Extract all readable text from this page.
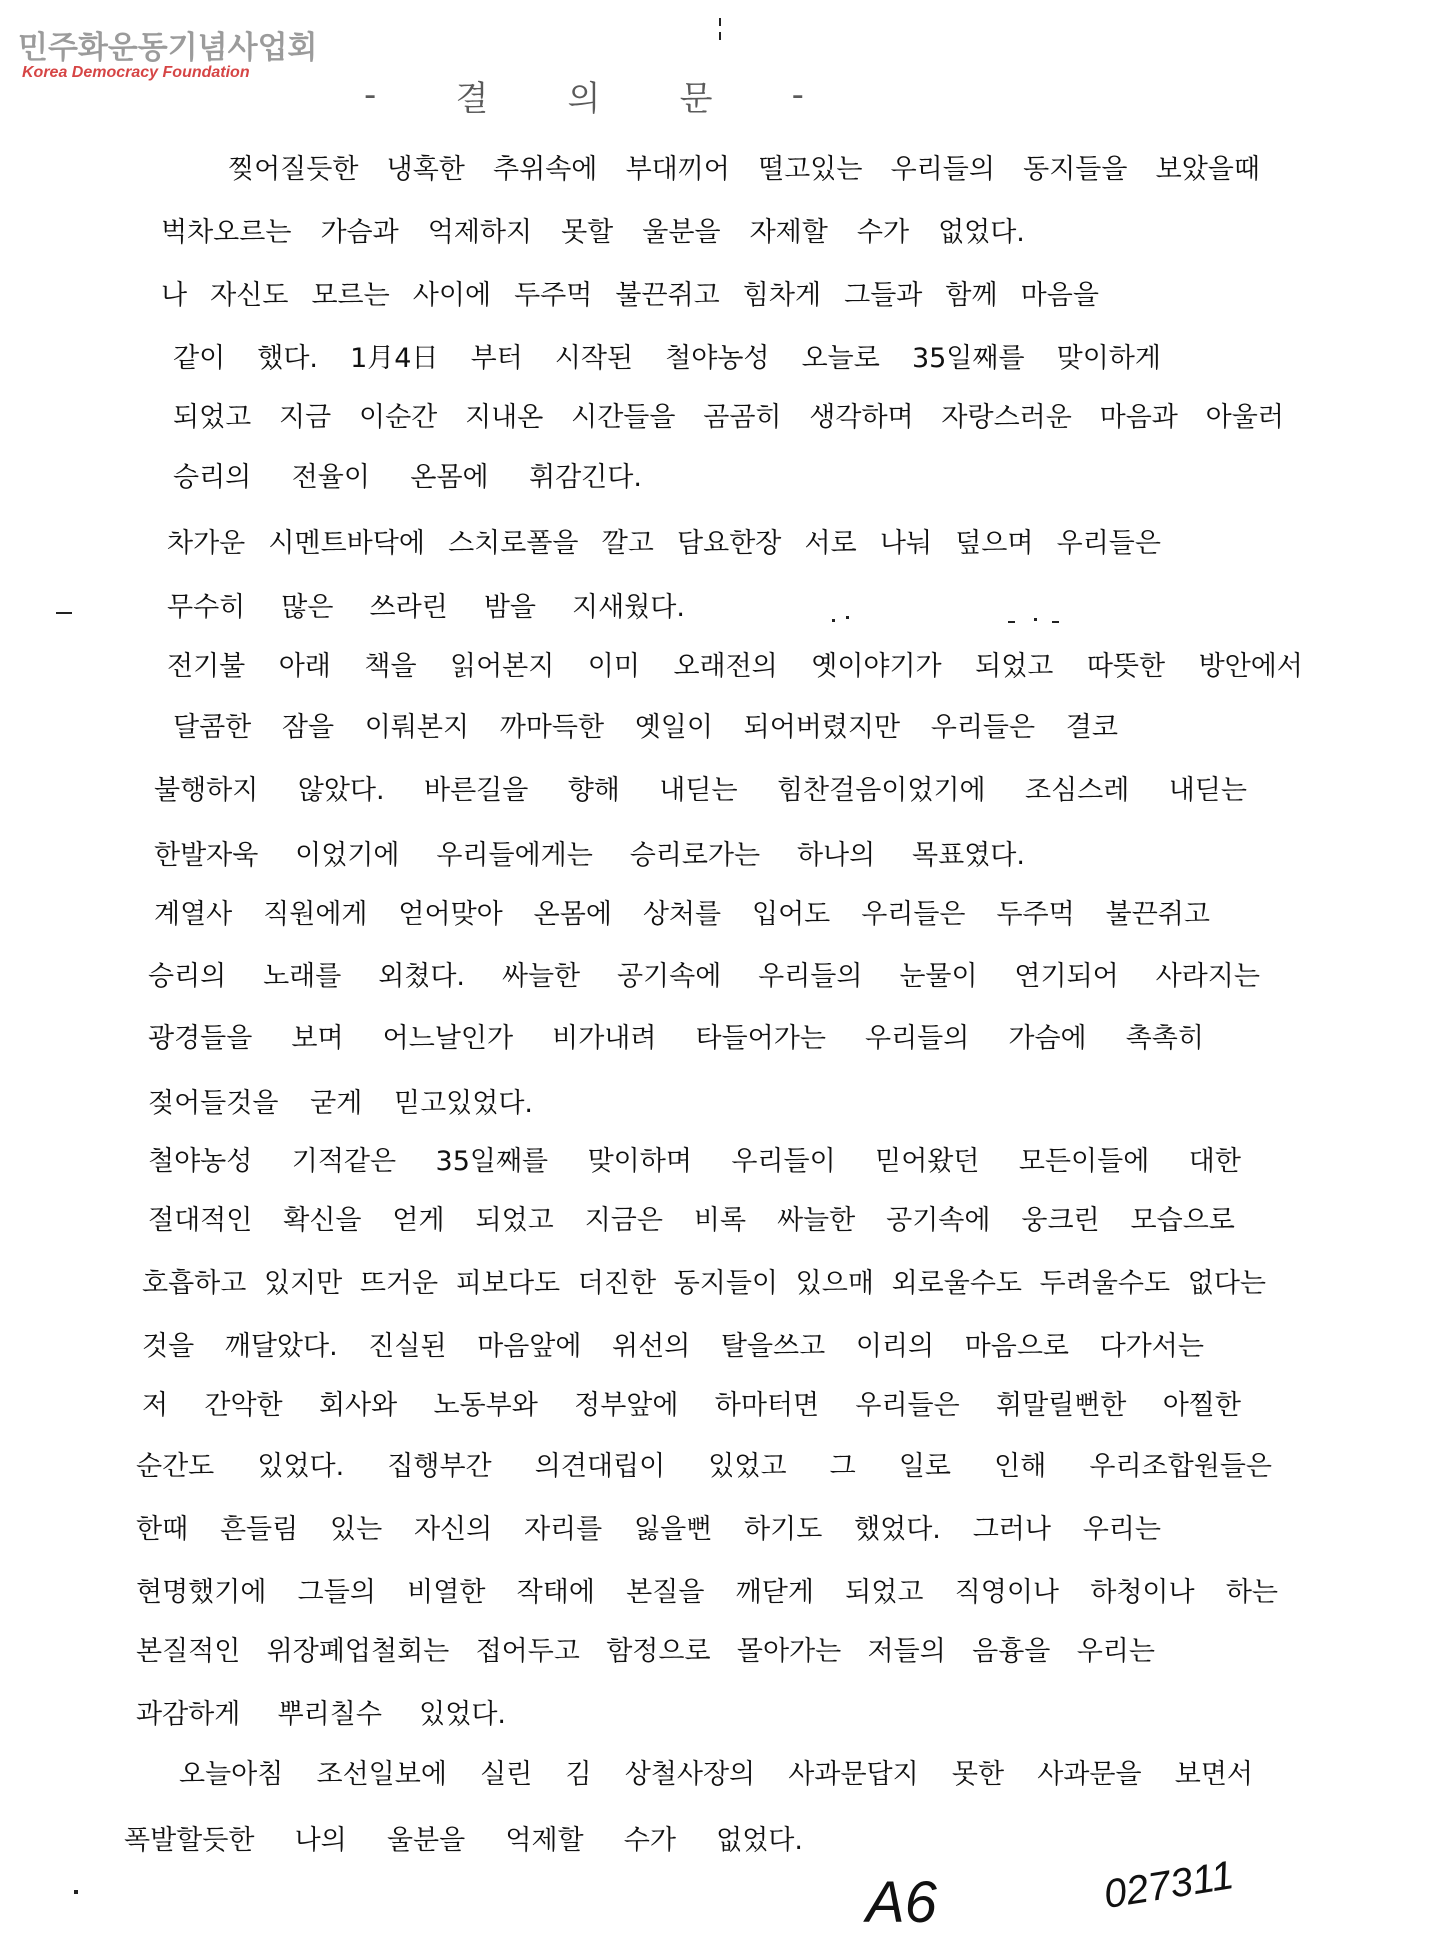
민주화운동기념사업회
Korea Democracy Foundation
- 결 의 문 -
찢어질듯한 냉혹한 추위속에 부대끼어 떨고있는 우리들의 동지들을 보았을때
벅차오르는 가슴과 억제하지 못할 울분을 자제할 수가 없었다.
나 자신도 모르는 사이에 두주먹 불끈쥐고 힘차게 그들과 함께 마음을
같이 했다. 1月4日 부터 시작된 철야농성 오늘로 35일째를 맞이하게
되었고 지금 이순간 지내온 시간들을 곰곰히 생각하며 자랑스러운 마음과 아울러
승리의 전율이 온몸에 휘감긴다.
차가운 시멘트바닥에 스치로폴을 깔고 담요한장 서로 나눠 덮으며 우리들은
무수히 많은 쓰라린 밤을 지새웠다.
전기불 아래 책을 읽어본지 이미 오래전의 옛이야기가 되었고 따뜻한 방안에서
달콤한 잠을 이뤄본지 까마득한 옛일이 되어버렸지만 우리들은 결코
불행하지 않았다. 바른길을 향해 내딛는 힘찬걸음이었기에 조심스레 내딛는
한발자욱 이었기에 우리들에게는 승리로가는 하나의 목표였다.
계열사 직원에게 얻어맞아 온몸에 상처를 입어도 우리들은 두주먹 불끈쥐고
승리의 노래를 외쳤다. 싸늘한 공기속에 우리들의 눈물이 연기되어 사라지는
광경들을 보며 어느날인가 비가내려 타들어가는 우리들의 가슴에 촉촉히
젖어들것을 굳게 믿고있었다.
철야농성 기적같은 35일째를 맞이하며 우리들이 믿어왔던 모든이들에 대한
절대적인 확신을 얻게 되었고 지금은 비록 싸늘한 공기속에 웅크린 모습으로
호흡하고 있지만 뜨거운 피보다도 더진한 동지들이 있으매 외로울수도 두려울수도 없다는
것을 깨달았다. 진실된 마음앞에 위선의 탈을쓰고 이리의 마음으로 다가서는
저 간악한 회사와 노동부와 정부앞에 하마터면 우리들은 휘말릴뻔한 아찔한
순간도 있었다. 집행부간 의견대립이 있었고 그 일로 인해 우리조합원들은
한때 흔들림 있는 자신의 자리를 잃을뻔 하기도 했었다. 그러나 우리는
현명했기에 그들의 비열한 작태에 본질을 깨닫게 되었고 직영이나 하청이나 하는
본질적인 위장폐업철회는 접어두고 함정으로 몰아가는 저들의 음흉을 우리는
과감하게 뿌리칠수 있었다.
오늘아침 조선일보에 실린 김 상철사장의 사과문답지 못한 사과문을 보면서
폭발할듯한 나의 울분을 억제할 수가 없었다.
A6	027311
